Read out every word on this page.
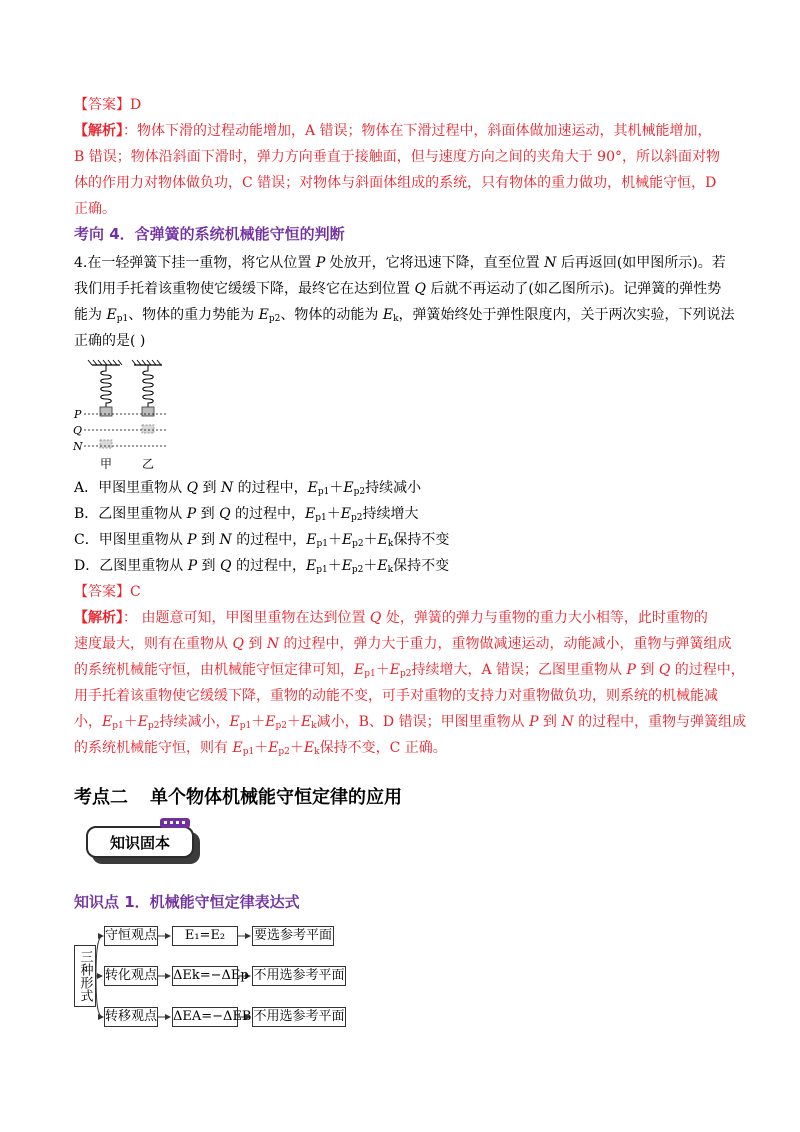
【答案】D
【解析】：物体下滑的过程动能增加，A 错误；物体在下滑过程中，斜面体做加速运动，其机械能增加，
B 错误；物体沿斜面下滑时，弹力方向垂直于接触面，但与速度方向之间的夹角大于 90°，所以斜面对物
体的作用力对物体做负功，C 错误；对物体与斜面体组成的系统，只有物体的重力做功，机械能守恒，D
正确。
考向 4．含弹簧的系统机械能守恒的判断
4.在一轻弹簧下挂一重物，将它从位置 P 处放开，它将迅速下降，直至位置 N 后再返回(如甲图所示)。若
我们用手托着该重物使它缓缓下降，最终它在达到位置 Q 后就不再运动了(如乙图所示)。记弹簧的弹性势
能为 $E_{p1}$、物体的重力势能为 $E_{p2}$、物体的动能为 $E_k$，弹簧始终处于弹性限度内，关于两次实验，下列说法
正确的是( )
P
Q
N
甲 乙
A．甲图里重物从 Q 到 N 的过程中，$E_{p1}+E_{p2}$持续减小
B．乙图里重物从 P 到 Q 的过程中，$E_{p1}+E_{p2}$持续增大
C．甲图里重物从 P 到 N 的过程中，$E_{p1}+E_{p2}+E_k$保持不变
D．乙图里重物从 P 到 Q 的过程中，$E_{p1}+E_{p2}+E_k$保持不变
【答案】C
【解析】： 由题意可知，甲图里重物在达到位置 Q 处，弹簧的弹力与重物的重力大小相等，此时重物的
速度最大，则有在重物从 Q 到 N 的过程中，弹力大于重力，重物做减速运动，动能减小，重物与弹簧组成
的系统机械能守恒，由机械能守恒定律可知，$E_{p1}+E_{p2}$持续增大，A 错误；乙图里重物从 P 到 Q 的过程中，
用手托着该重物使它缓缓下降，重物的动能不变，可手对重物的支持力对重物做负功，则系统的机械能减
小，$E_{p1}+E_{p2}$持续减小，$E_{p1}+E_{p2}+E_k$减小，B、D 错误；甲图里重物从 P 到 N 的过程中，重物与弹簧组成
的系统机械能守恒，则有 $E_{p1}+E_{p2}+E_k$保持不变，C 正确。
考点二 单个物体机械能守恒定律的应用
知识固本
知识点 1．机械能守恒定律表达式
三种形式
守恒观点	E₁=E₂	要选参考平面
转化观点 ΔEk=−ΔEp 不用选参考平面
转移观点 ΔEA=−ΔEB 不用选参考平面
